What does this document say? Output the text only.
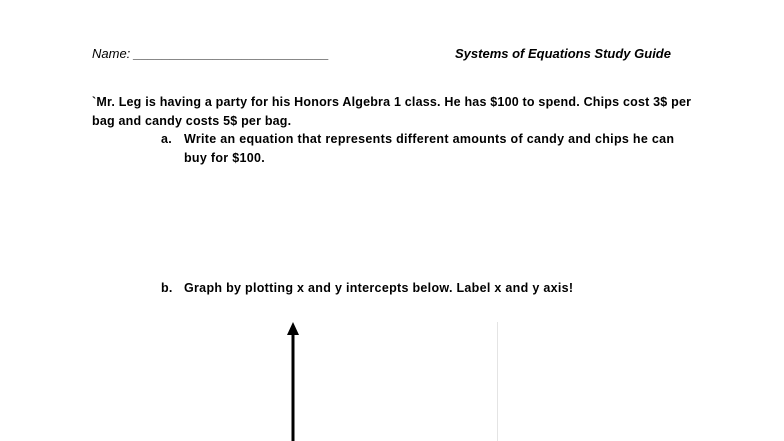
Name: ___________________________	Systems of Equations Study Guide
`Mr. Leg is having a party for his Honors Algebra 1 class. He has $100 to spend. Chips cost 3$ per bag and candy costs 5$ per bag.
a. Write an equation that represents different amounts of candy and chips he can buy for $100.
b. Graph by plotting x and y intercepts below. Label x and y axis!
